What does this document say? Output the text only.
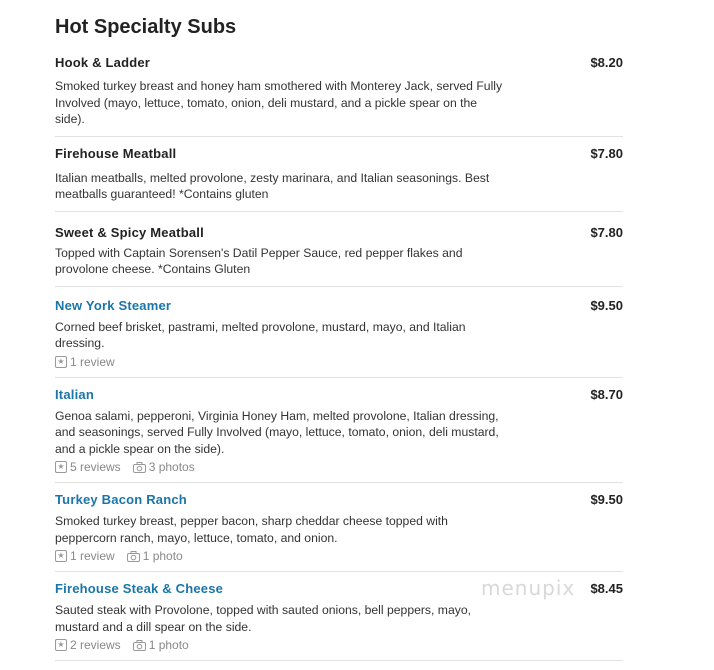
Hot Specialty Subs
Hook & Ladder	$8.20
Smoked turkey breast and honey ham smothered with Monterey Jack, served Fully Involved (mayo, lettuce, tomato, onion, deli mustard, and a pickle spear on the side).
Firehouse Meatball	$7.80
Italian meatballs, melted provolone, zesty marinara, and Italian seasonings. Best meatballs guaranteed! *Contains gluten
Sweet & Spicy Meatball	$7.80
Topped with Captain Sorensen's Datil Pepper Sauce, red pepper flakes and provolone cheese. *Contains Gluten
New York Steamer	$9.50
Corned beef brisket, pastrami, melted provolone, mustard, mayo, and Italian dressing.
★ 1 review
Italian	$8.70
Genoa salami, pepperoni, Virginia Honey Ham, melted provolone, Italian dressing, and seasonings, served Fully Involved (mayo, lettuce, tomato, onion, deli mustard, and a pickle spear on the side).
★ 5 reviews 3 photos
Turkey Bacon Ranch	$9.50
Smoked turkey breast, pepper bacon, sharp cheddar cheese topped with peppercorn ranch, mayo, lettuce, tomato, and onion.
★ 1 review 1 photo
Firehouse Steak & Cheese	$8.45
Sauted steak with Provolone, topped with sauted onions, bell peppers, mayo, mustard and a dill spear on the side.
★ 2 reviews 1 photo
menupix
